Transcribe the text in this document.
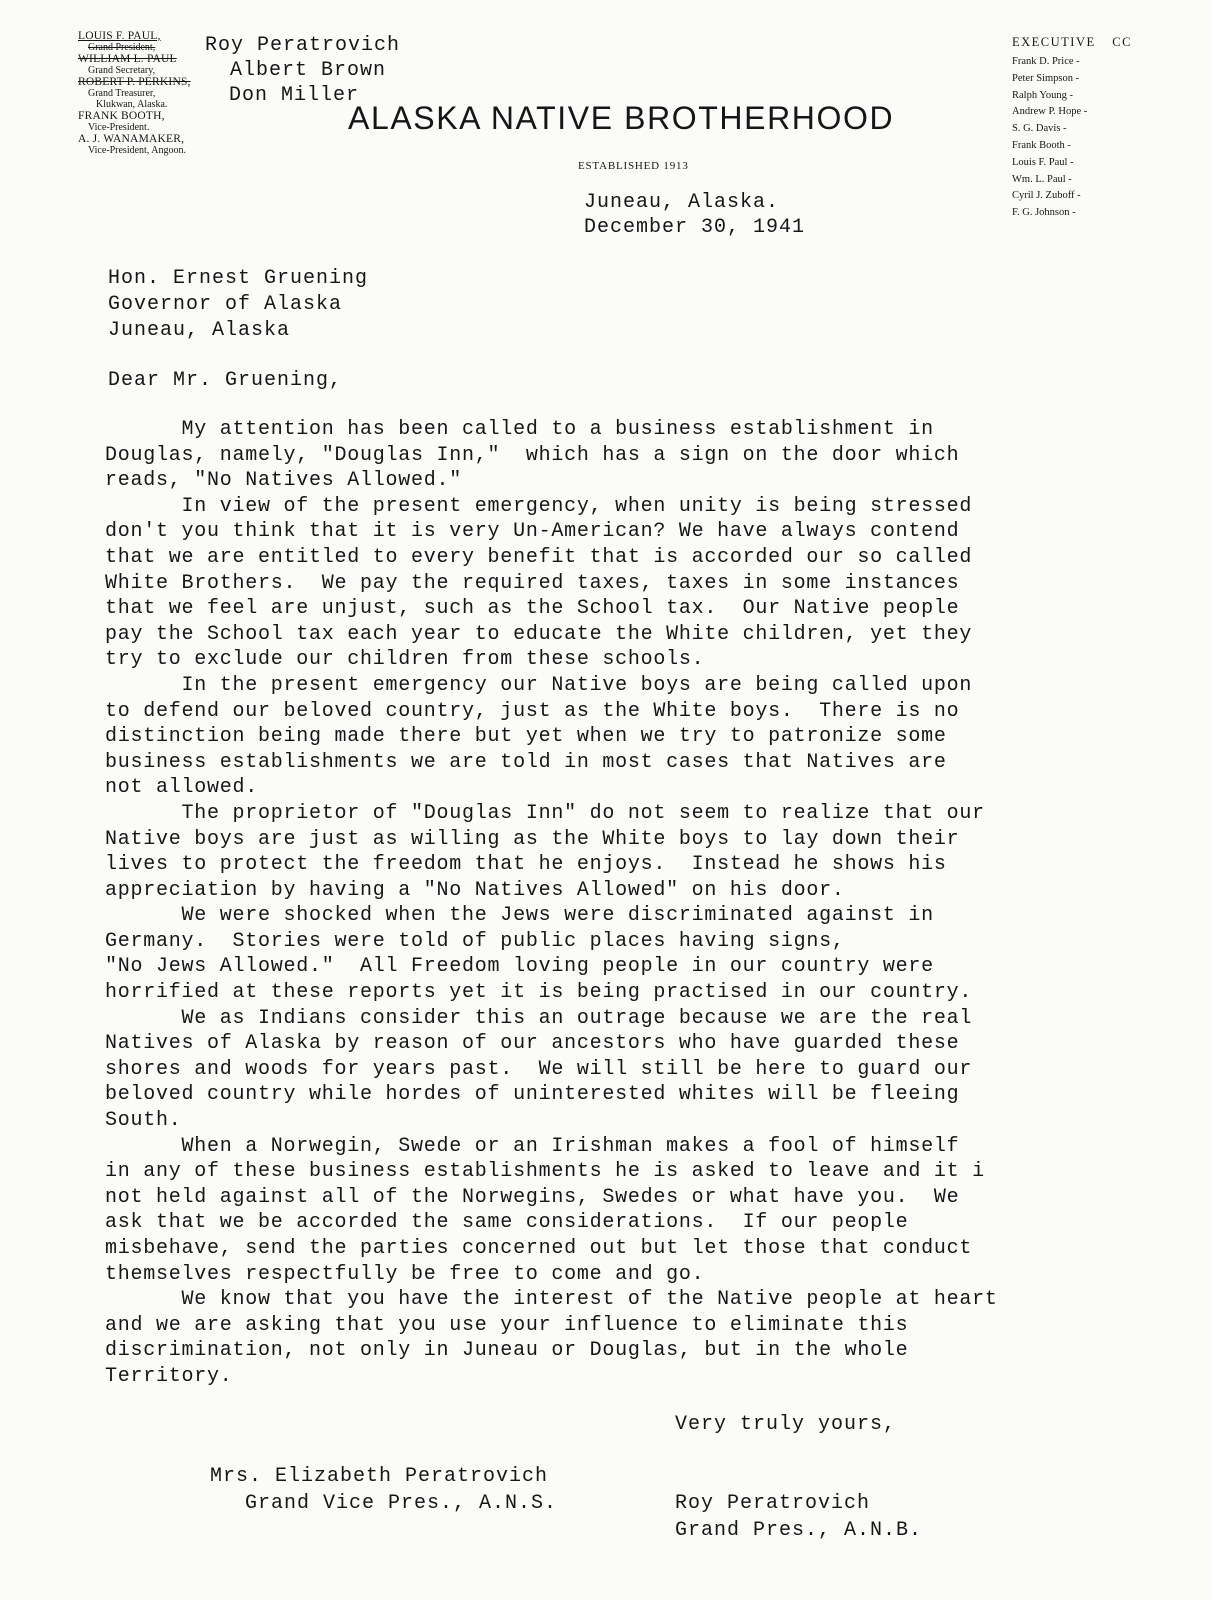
LOUIS F. PAUL,
Grand President,
WILLIAM L. PAUL
Grand Secretary,
ROBERT P. PERKINS,
Grand Treasurer,
Klukwan, Alaska.
FRANK BOOTH,
Vice-President.
A. J. WANAMAKER,
Vice-President, Angoon.
Roy Peratrovich
Albert Brown
Don Miller
ALASKA NATIVE BROTHERHOOD
ESTABLISHED 1913
EXECUTIVE CC
Frank D. Price -
Peter Simpson -
Ralph Young -
Andrew P. Hope -
S. G. Davis -
Frank Booth -
Louis F. Paul -
Wm. L. Paul -
Cyril J. Zuboff -
F. G. Johnson -
Juneau, Alaska.
December 30, 1941
Hon. Ernest Gruening
Governor of Alaska
Juneau, Alaska
Dear Mr. Gruening,
My attention has been called to a business establishment in
Douglas, namely, "Douglas Inn,"  which has a sign on the door which
reads, "No Natives Allowed."
In view of the present emergency, when unity is being stressed
don't you think that it is very Un-American? We have always contend
that we are entitled to every benefit that is accorded our so called
White Brothers.  We pay the required taxes, taxes in some instances
that we feel are unjust, such as the School tax.  Our Native people
pay the School tax each year to educate the White children, yet they
try to exclude our children from these schools.
In the present emergency our Native boys are being called upon
to defend our beloved country, just as the White boys.  There is no
distinction being made there but yet when we try to patronize some
business establishments we are told in most cases that Natives are
not allowed.
The proprietor of "Douglas Inn" do not seem to realize that our
Native boys are just as willing as the White boys to lay down their
lives to protect the freedom that he enjoys.  Instead he shows his
appreciation by having a "No Natives Allowed" on his door.
We were shocked when the Jews were discriminated against in
Germany.  Stories were told of public places having signs,
"No Jews Allowed."  All Freedom loving people in our country were
horrified at these reports yet it is being practised in our country.
We as Indians consider this an outrage because we are the real
Natives of Alaska by reason of our ancestors who have guarded these
shores and woods for years past.  We will still be here to guard our
beloved country while hordes of uninterested whites will be fleeing
South.
When a Norwegin, Swede or an Irishman makes a fool of himself
in any of these business establishments he is asked to leave and it i
not held against all of the Norwegins, Swedes or what have you.  We
ask that we be accorded the same considerations.  If our people
misbehave, send the parties concerned out but let those that conduct
themselves respectfully be free to come and go.
We know that you have the interest of the Native people at heart
and we are asking that you use your influence to eliminate this
discrimination, not only in Juneau or Douglas, but in the whole
Territory.
Very truly yours,
Mrs. Elizabeth Peratrovich
Grand Vice Pres., A.N.S.	Roy Peratrovich
Grand Pres., A.N.B.
